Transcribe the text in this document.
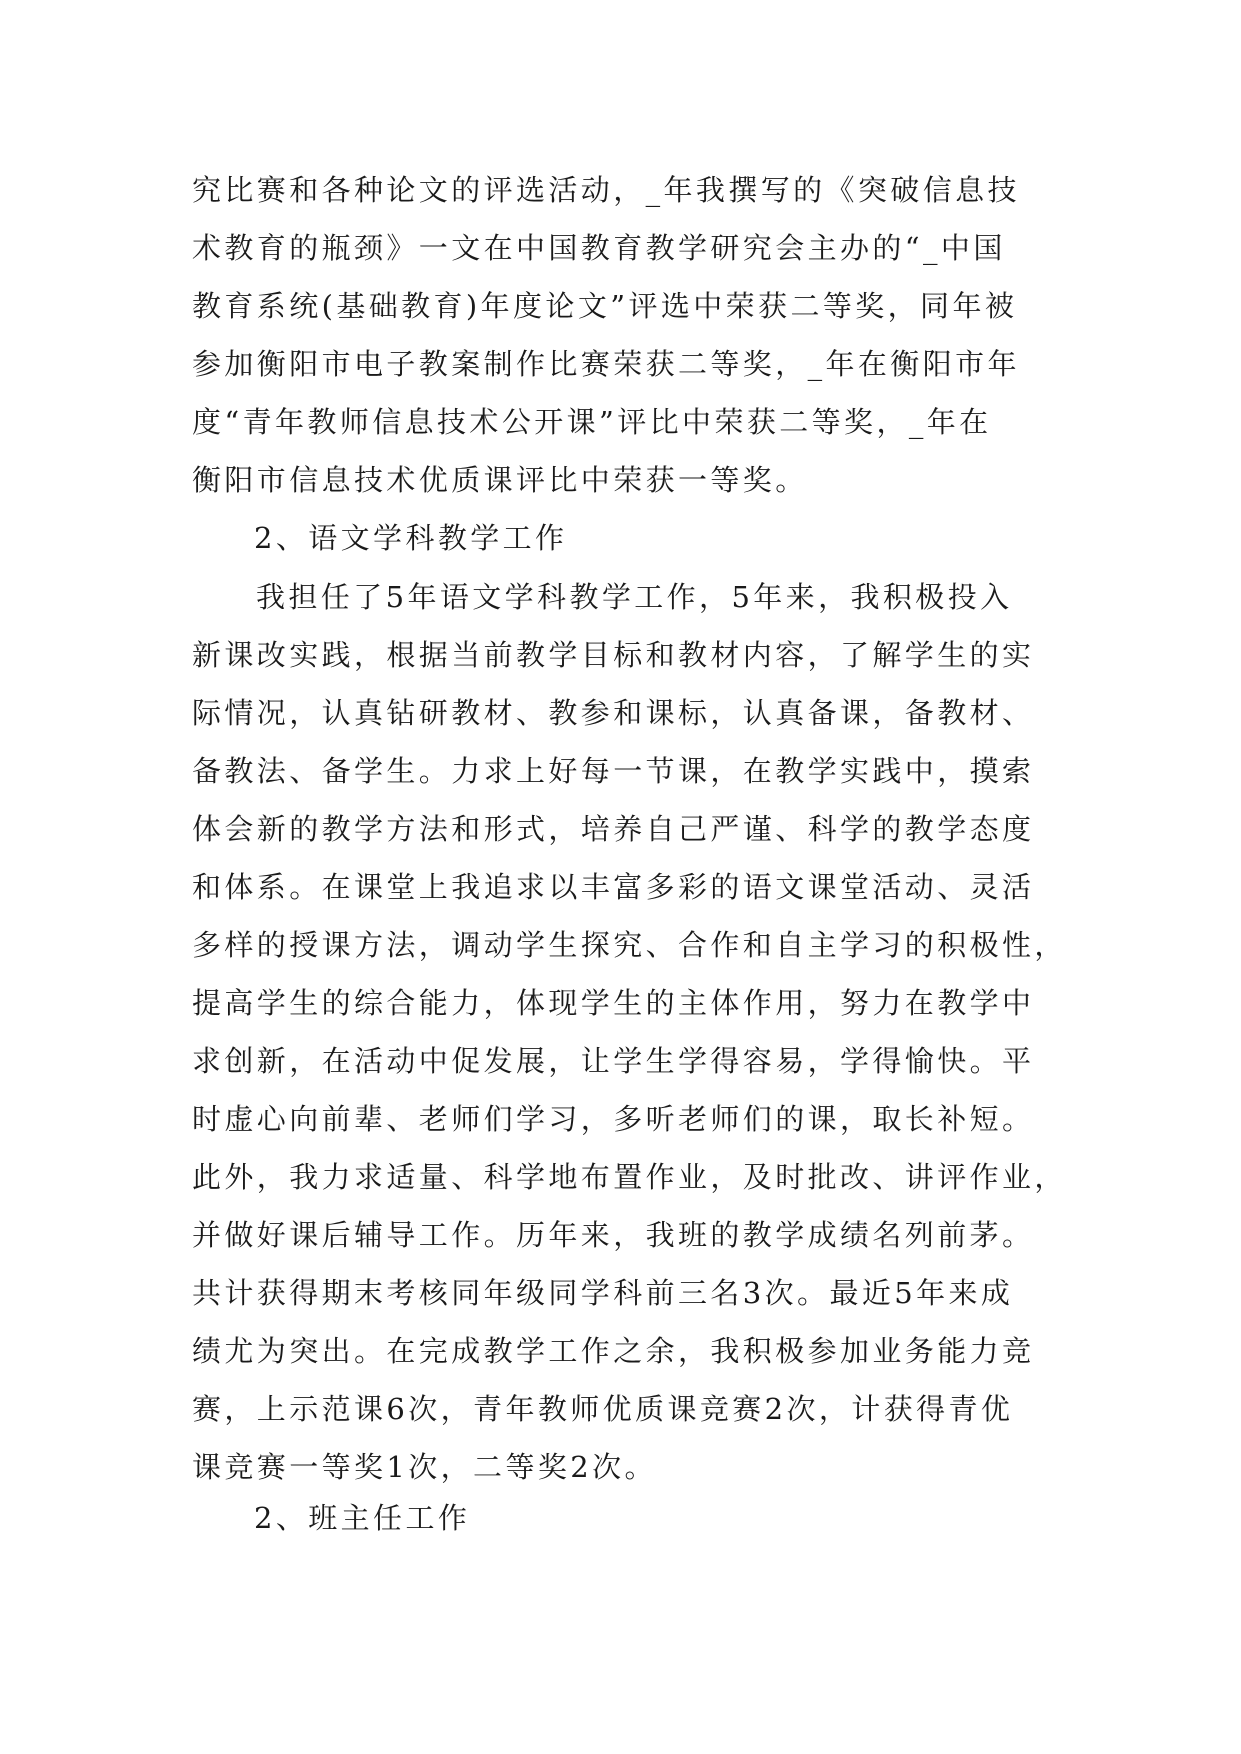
究比赛和各种论文的评选活动，_年我撰写的《突破信息技
术教育的瓶颈》一文在中国教育教学研究会主办的“_中国
教育系统(基础教育)年度论文”评选中荣获二等奖，同年被
参加衡阳市电子教案制作比赛荣获二等奖，_年在衡阳市年
度“青年教师信息技术公开课”评比中荣获二等奖，_年在
衡阳市信息技术优质课评比中荣获一等奖。
2、语文学科教学工作
我担任了5年语文学科教学工作，5年来，我积极投入
新课改实践，根据当前教学目标和教材内容，了解学生的实
际情况，认真钻研教材、教参和课标，认真备课，备教材、
备教法、备学生。力求上好每一节课，在教学实践中，摸索
体会新的教学方法和形式，培养自己严谨、科学的教学态度
和体系。在课堂上我追求以丰富多彩的语文课堂活动、灵活
多样的授课方法，调动学生探究、合作和自主学习的积极性，
提高学生的综合能力，体现学生的主体作用，努力在教学中
求创新，在活动中促发展，让学生学得容易，学得愉快。平
时虚心向前辈、老师们学习，多听老师们的课，取长补短。
此外，我力求适量、科学地布置作业，及时批改、讲评作业，
并做好课后辅导工作。历年来，我班的教学成绩名列前茅。
共计获得期末考核同年级同学科前三名3次。最近5年来成
绩尤为突出。在完成教学工作之余，我积极参加业务能力竞
赛，上示范课6次，青年教师优质课竞赛2次，计获得青优
课竞赛一等奖1次，二等奖2次。
2、班主任工作
